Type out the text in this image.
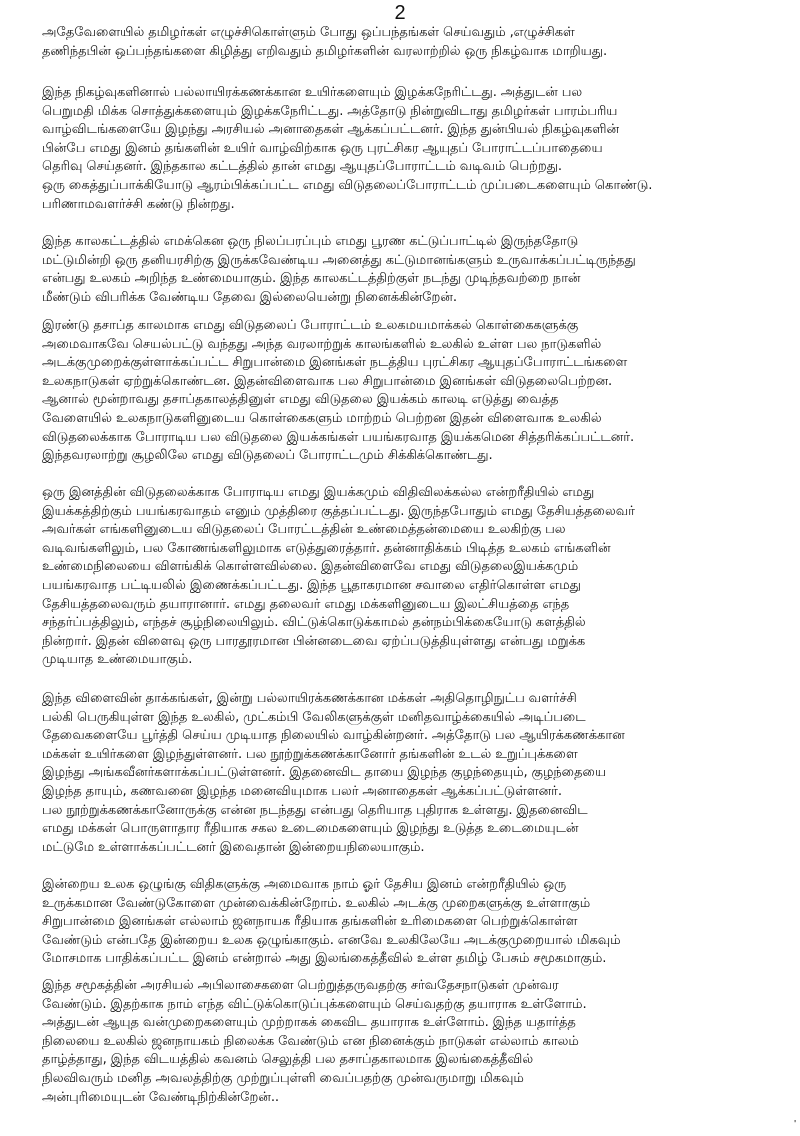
2

அதேவேளையில் தமிழர்கள் எழுச்சிகொள்ளும் போது ஒப்பந்தங்கள் செய்வதும் ,எழுச்சிகள்
தணிந்தபின் ஒப்பந்தங்களை கிழித்து எறிவதும் தமிழர்களின் வரலாற்றில் ஒரு நிகழ்வாக மாறியது.

இந்த நிகழ்வுகளினால் பல்லாயிரக்கணக்கான உயிர்களையும் இழக்கநேரிட்டது. அத்துடன் பல
பெறுமதி மிக்க சொத்துக்களையும் இழக்கநேரிட்டது. அத்தோடு நின்றுவிடாது தமிழர்கள் பாரம்பரிய
வாழ்விடங்களையே இழந்து அரசியல் அனாதைகள் ஆக்கப்பட்டனர். இந்த துன்பியல் நிகழ்வுகளின்
பின்பே எமது இனம் தங்களின் உயிர் வாழ்விற்காக ஒரு புரட்சிகர ஆயுதப் போராட்டப்பாதையை
தெரிவு செய்தனர். இந்தகால கட்டத்தில் தான் எமது ஆயுதப்போராட்டம் வடிவம் பெற்றது.
ஒரு கைத்துப்பாக்கியோடு ஆரம்பிக்கப்பட்ட எமது விடுதலைப்போராட்டம் முப்படைகளையும் கொண்டு.
பரிணாமவளர்ச்சி கண்டு நின்றது.

இந்த காலகட்டத்தில் எமக்கென ஒரு நிலப்பரப்பும் எமது பூரண கட்டுப்பாட்டில் இருந்ததோடு
மட்டுமின்றி ஒரு தனியரசிற்கு இருக்கவேண்டிய அனைத்து கட்டுமானங்களும் உருவாக்கப்பட்டிருந்தது
என்பது உலகம் அறிந்த உண்மையாகும். இந்த காலகட்டத்திற்குள் நடந்து முடிந்தவற்றை நான்
மீண்டும் விபரிக்க வேண்டிய தேவை இல்லையென்று நினைக்கின்றேன்.

இரண்டு தசாப்த காலமாக எமது விடுதலைப் போராட்டம் உலகமயமாக்கல் கொள்கைகளுக்கு
அமைவாகவே செயல்பட்டு வந்தது அந்த வரலாற்றுக் காலங்களில் உலகில் உள்ள பல நாடுகளில்
அடக்குமுறைக்குள்ளாக்கப்பட்ட சிறுபான்மை இனங்கள் நடத்திய புரட்சிகர ஆயுதப்போராட்டங்களை
உலகநாடுகள் ஏற்றுக்கொண்டன. இதன்விளைவாக பல சிறுபான்மை இனங்கள் விடுதலைபெற்றன.
ஆனால் மூன்றாவது தசாப்தகாலத்தினுள் எமது விடுதலை இயக்கம் காலடி எடுத்து வைத்த
வேளையில் உலகநாடுகளினுடைய கொள்கைகளும் மாற்றம் பெற்றன இதன் விளைவாக உலகில்
விடுதலைக்காக போராடிய பல விடுதலை இயக்கங்கள் பயங்கரவாத இயக்கமென சித்தரிக்கப்பட்டனர்.
இந்தவரலாற்று சூழலிலே எமது விடுதலைப் போராட்டமும் சிக்கிக்கொண்டது.

ஒரு இனத்தின் விடுதலைக்காக போராடிய எமது இயக்கமும் விதிவிலக்கல்ல என்றரீதியில் எமது
இயக்கத்திற்கும் பயங்கரவாதம் எனும் முத்திரை குத்தப்பட்டது. இருந்தபோதும் எமது தேசியத்தலைவர்
அவர்கள் எங்களினுடைய விடுதலைப் போரட்டத்தின் உண்மைத்தன்மையை உலகிற்கு பல
வடிவங்களிலும், பல கோணங்களிலுமாக எடுத்துரைத்தார். தன்னாதிக்கம் பிடித்த உலகம் எங்களின்
உண்மைநிலையை விளங்கிக் கொள்ளவில்லை. இதன்விளைவே எமது விடுதலைஇயக்கமும்
பயங்கரவாத பட்டியலில் இணைக்கப்பட்டது. இந்த பூதாகரமான சவாலை எதிர்கொள்ள எமது
தேசியத்தலைவரும் தயாரானார். எமது தலைவர் எமது மக்களினுடைய இலட்சியத்தை எந்த
சந்தர்ப்பத்திலும், எந்தச் சூழ்நிலையிலும். விட்டுக்கொடுக்காமல் தன்நம்பிக்கையோடு களத்தில்
நின்றார். இதன் விளைவு ஒரு பாரதூரமான பின்னடைவை ஏற்ப்படுத்தியுள்ளது என்பது மறுக்க
முடியாத உண்மையாகும்.

இந்த விளைவின் தாக்கங்கள், இன்று பல்லாயிரக்கணக்கான மக்கள் அதிதொழிநுட்ப வளர்ச்சி
பல்கி பெருகியுள்ள இந்த உலகில், முட்கம்பி வேலிகளுக்குள் மனிதவாழ்க்கையில் அடிப்படை
தேவைகளையே பூர்த்தி செய்ய முடியாத நிலையில் வாழ்கின்றனர். அத்தோடு பல ஆயிரக்கணக்கான
மக்கள் உயிர்களை இழந்துள்ளனர். பல நூற்றுக்கணக்கானோர் தங்களின் உடல் உறுப்புக்களை
இழந்து அங்கவீனர்களாக்கப்பட்டுள்ளனர். இதனைவிட தாயை இழந்த குழந்தையும், குழந்தையை
இழந்த தாயும், கணவனை இழந்த மனைவியுமாக பலர் அனாதைகள் ஆக்கப்பட்டுள்ளனர்.
பல நூற்றுக்கணக்கானோருக்கு என்ன நடந்தது என்பது தெரியாத புதிராக உள்ளது. இதனைவிட
எமது மக்கள் பொருளாதார ரீதியாக சகல உடைமைகளையும் இழந்து உடுத்த உடைமையுடன்
மட்டுமே உள்ளாக்கப்பட்டனர் இவைதான் இன்றையநிலையாகும்.

இன்றைய உலக ஒழுங்கு விதிகளுக்கு அமைவாக நாம் ஓர் தேசிய இனம் என்றரீதியில் ஒரு
உருக்கமான வேண்டுகோளை முன்வைக்கின்றோம். உலகில் அடக்கு முறைகளுக்கு உள்ளாகும்
சிறுபான்மை இனங்கள் எல்லாம் ஜனநாயக ரீதியாக தங்களின் உரிமைகளை பெற்றுக்கொள்ள
வேண்டும் என்பதே இன்றைய உலக ஒழுங்காகும். எனவே உலகிலேயே அடக்குமுறையால் மிகவும்
மோசமாக பாதிக்கப்பட்ட இனம் என்றால் அது இலங்கைத்தீவில் உள்ள தமிழ் பேசும் சமூகமாகும்.

இந்த சமூகத்தின் அரசியல் அபிலாசைகளை பெற்றுத்தருவதற்கு சர்வதேசநாடுகள் முன்வர
வேண்டும். இதற்காக நாம் எந்த விட்டுக்கொடுப்புக்களையும் செய்வதற்கு தயாராக உள்ளோம்.
அத்துடன் ஆயுத வன்முறைகளையும் முற்றாகக் கைவிட தயாராக உள்ளோம். இந்த யதார்த்த
நிலையை உலகில் ஜனநாயகம் நிலைக்க வேண்டும் என நினைக்கும் நாடுகள் எல்லாம் காலம்
தாழ்த்தாது, இந்த விடயத்தில் கவனம் செலுத்தி பல தசாப்தகாலமாக இலங்கைத்தீவில்
நிலவிவரும் மனித அவலத்திற்கு முற்றுப்புள்ளி வைப்பதற்கு முன்வருமாறு மிகவும்
அன்புரிமையுடன் வேண்டிநிற்கின்றேன்..

'
